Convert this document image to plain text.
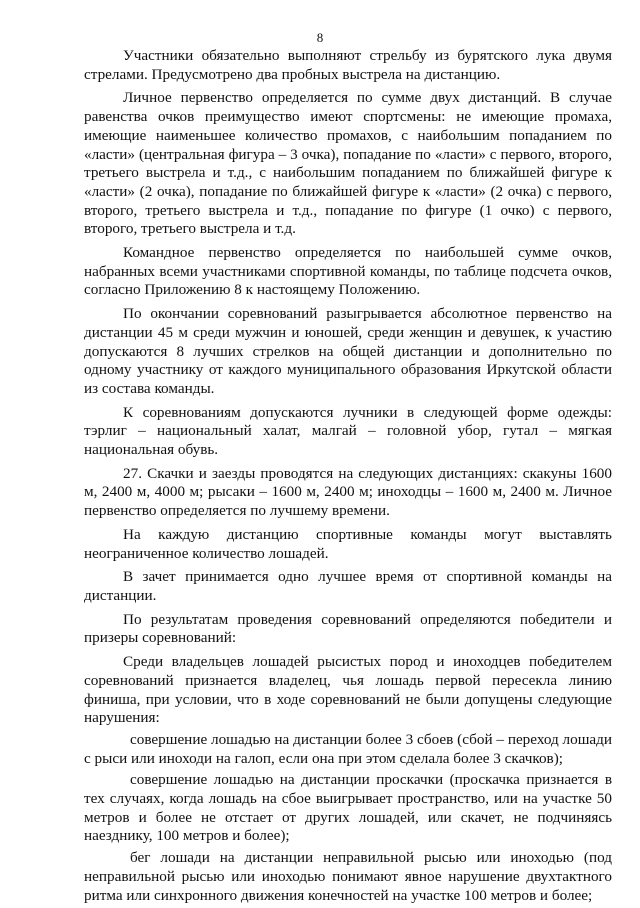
8

Участники обязательно выполняют стрельбу из бурятского лука двумя стрелами. Предусмотрено два пробных выстрела на дистанцию.

Личное первенство определяется по сумме двух дистанций. В случае равенства очков преимущество имеют спортсмены: не имеющие промаха, имеющие наименьшее количество промахов, с наибольшим попаданием по «ласти» (центральная фигура – 3 очка), попадание по «ласти» с первого, второго, третьего выстрела и т.д., с наибольшим попаданием по ближайшей фигуре к «ласти» (2 очка), попадание по ближайшей фигуре к «ласти» (2 очка) с первого, второго, третьего выстрела и т.д., попадание по фигуре (1 очко) с первого, второго, третьего выстрела и т.д.

Командное первенство определяется по наибольшей сумме очков, набранных всеми участниками спортивной команды, по таблице подсчета очков, согласно Приложению 8 к настоящему Положению.

По окончании соревнований разыгрывается абсолютное первенство на дистанции 45 м среди мужчин и юношей, среди женщин и девушек, к участию допускаются 8 лучших стрелков на общей дистанции и дополнительно по одному участнику от каждого муниципального образования Иркутской области из состава команды.

К соревнованиям допускаются лучники в следующей форме одежды: тэрлиг – национальный халат, малгай – головной убор, гутал – мягкая национальная обувь.

27. Скачки и заезды проводятся на следующих дистанциях: скакуны 1600 м, 2400 м, 4000 м; рысаки – 1600 м, 2400 м; иноходцы – 1600 м, 2400 м. Личное первенство определяется по лучшему времени.

На каждую дистанцию спортивные команды могут выставлять неограниченное количество лошадей.

В зачет принимается одно лучшее время от спортивной команды на дистанции.

По результатам проведения соревнований определяются победители и призеры соревнований:

Среди владельцев лошадей рысистых пород и иноходцев победителем соревнований признается владелец, чья лошадь первой пересекла линию финиша, при условии, что в ходе соревнований не были допущены следующие нарушения:

совершение лошадью на дистанции более 3 сбоев (сбой – переход лошади с рыси или иноходи на галоп, если она при этом сделала более 3 скачков);

совершение лошадью на дистанции проскачки (проскачка признается в тех случаях, когда лошадь на сбое выигрывает пространство, или на участке 50 метров и более не отстает от других лошадей, или скачет, не подчиняясь наезднику, 100 метров и более);

бег лошади на дистанции неправильной рысью или иноходью (под неправильной рысью или иноходью понимают явное нарушение двухтактного ритма или синхронного движения конечностей на участке 100 метров и более;
